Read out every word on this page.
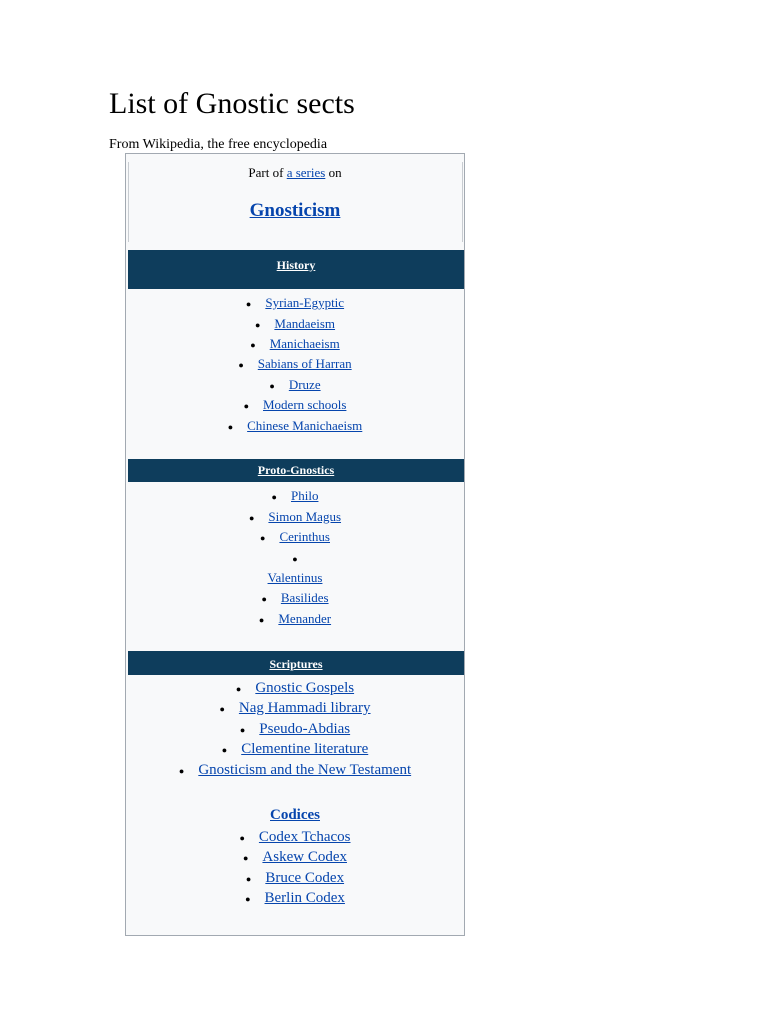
List of Gnostic sects
From Wikipedia, the free encyclopedia
Part of a series on
Gnosticism
History
● Syrian-Egyptic
● Mandaeism
● Manichaeism
● Sabians of Harran
● Druze
● Modern schools
● Chinese Manichaeism
Proto-Gnostics
● Philo
● Simon Magus
● Cerinthus
●
Valentinus
● Basilides
● Menander
Scriptures
● Gnostic Gospels
● Nag Hammadi library
● Pseudo-Abdias
● Clementine literature
● Gnosticism and the New Testament
Codices
● Codex Tchacos
● Askew Codex
● Bruce Codex
● Berlin Codex
